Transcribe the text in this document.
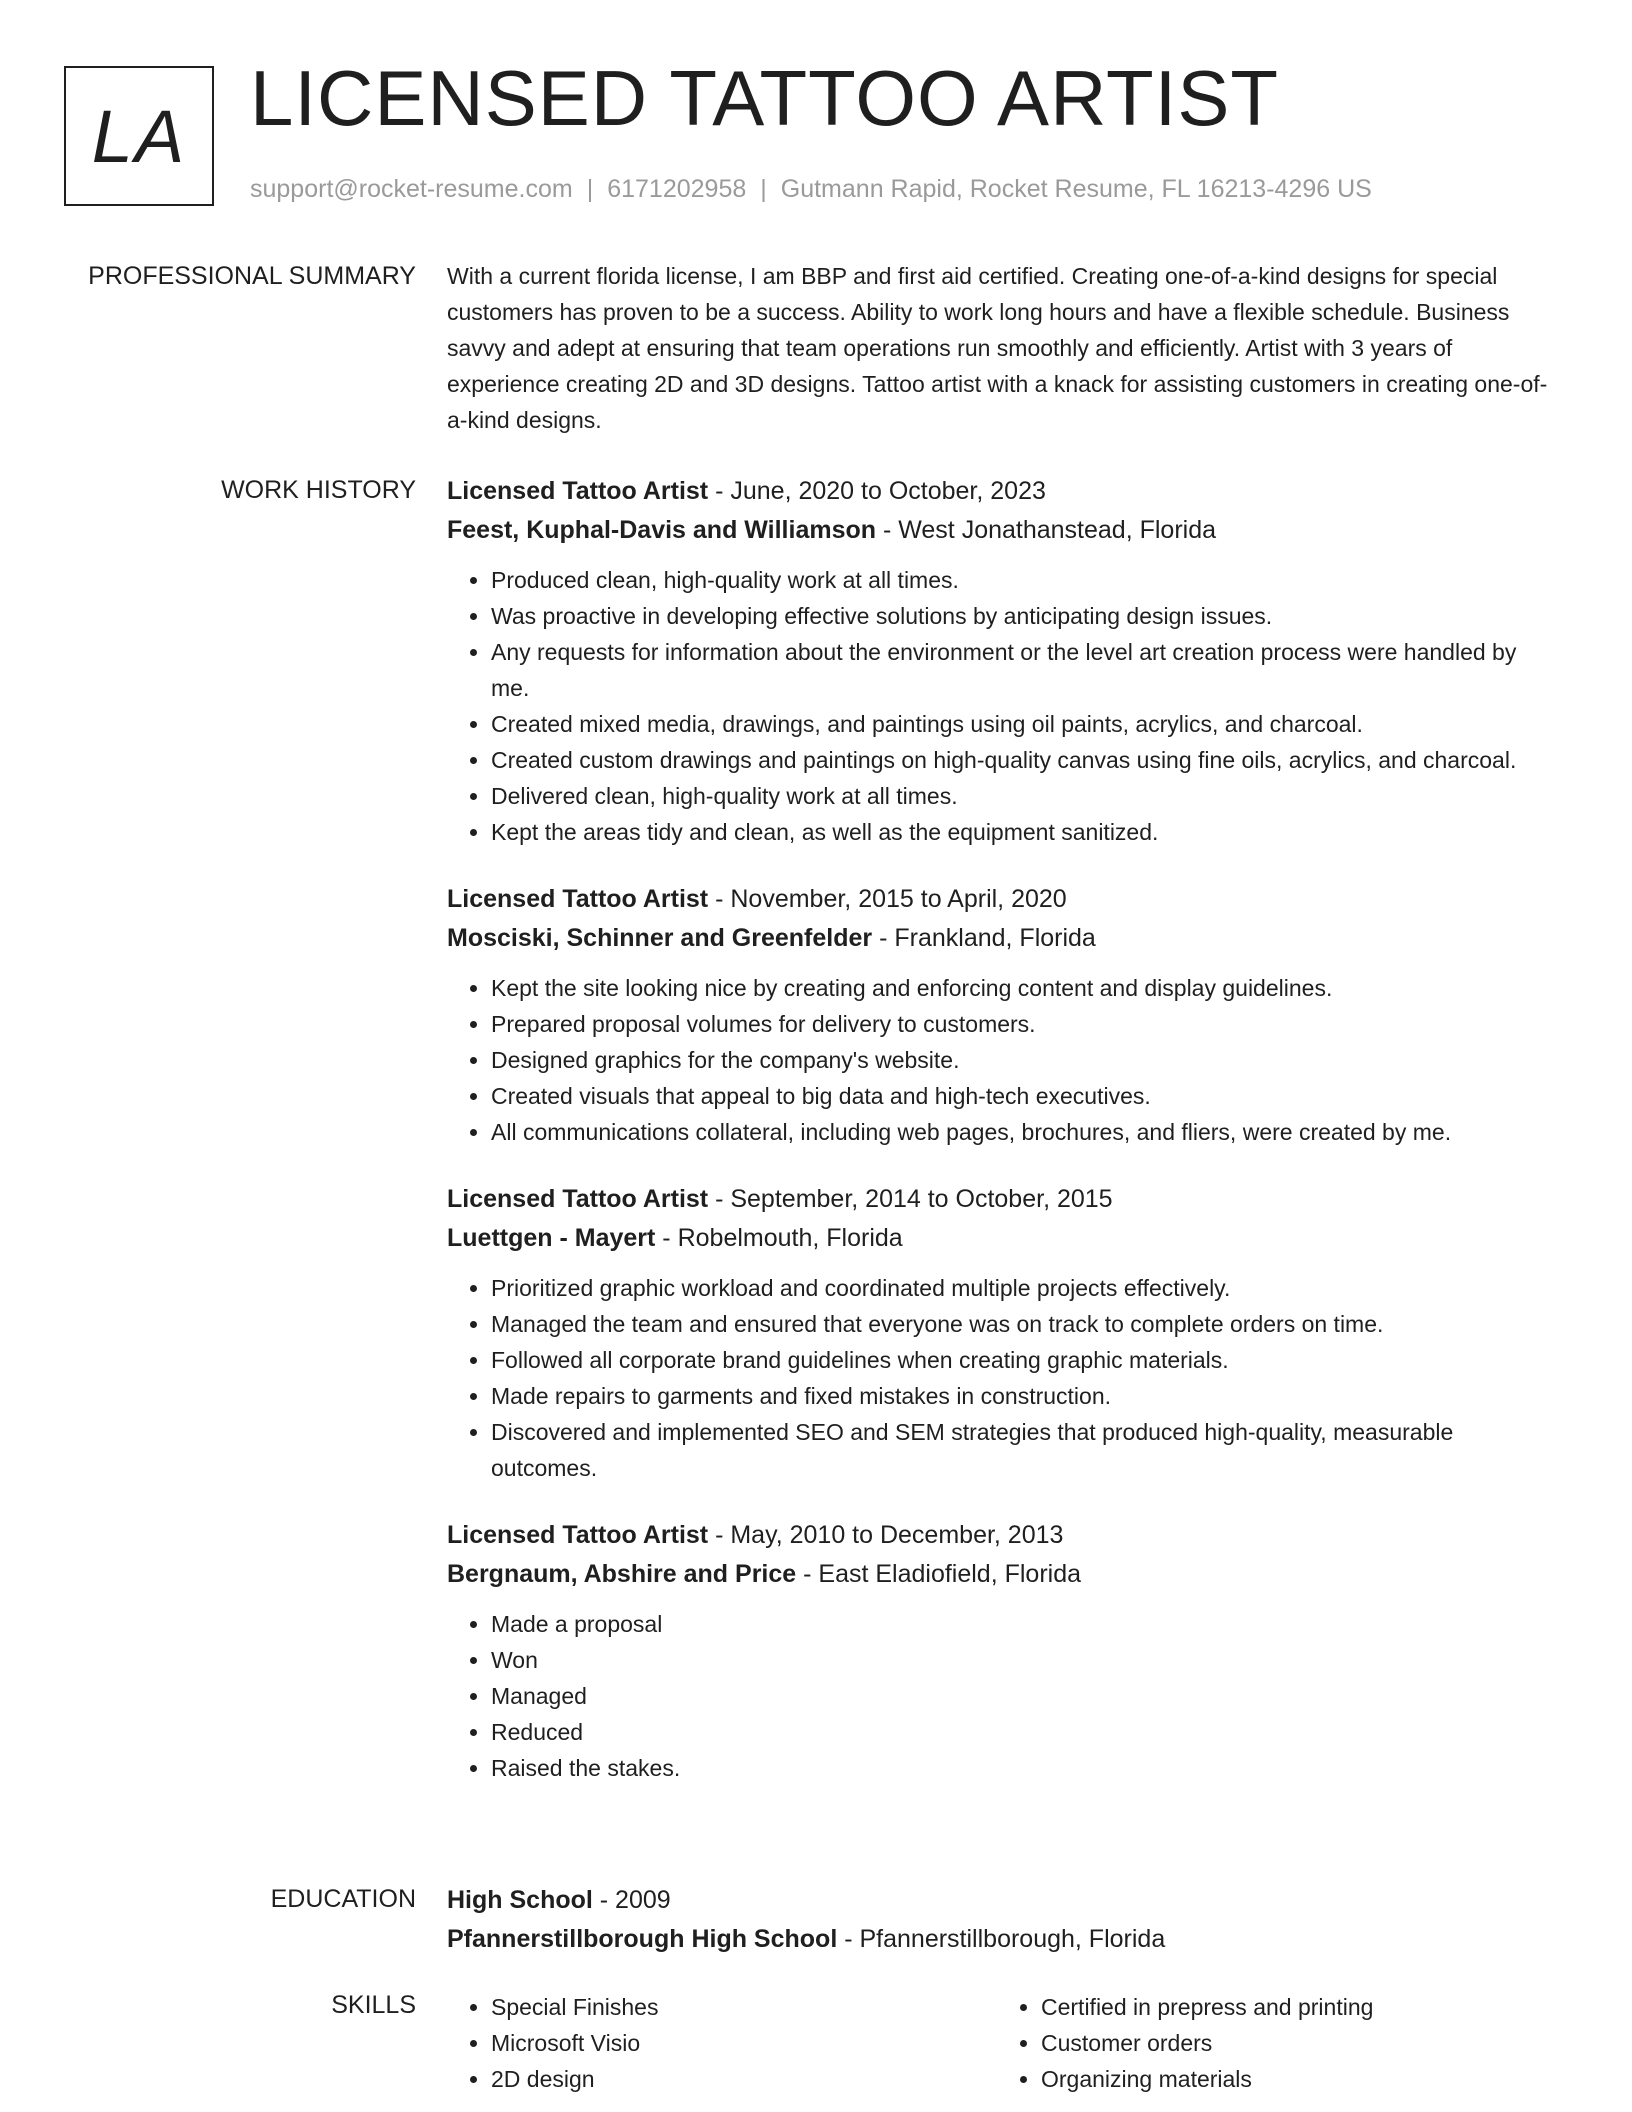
LA LICENSED TATTOO ARTIST
support@rocket-resume.com | 6171202958 | Gutmann Rapid, Rocket Resume, FL 16213-4296 US
PROFESSIONAL SUMMARY With a current florida license, I am BBP and first aid certified. Creating one-of-a-kind designs for special customers has proven to be a success. Ability to work long hours and have a flexible schedule. Business savvy and adept at ensuring that team operations run smoothly and efficiently. Artist with 3 years of experience creating 2D and 3D designs. Tattoo artist with a knack for assisting customers in creating one-of-a-kind designs.

WORK HISTORY Licensed Tattoo Artist - June, 2020 to October, 2023
Feest, Kuphal-Davis and Williamson - West Jonathanstead, Florida
• Produced clean, high-quality work at all times.
• Was proactive in developing effective solutions by anticipating design issues.
• Any requests for information about the environment or the level art creation process were handled by me.
• Created mixed media, drawings, and paintings using oil paints, acrylics, and charcoal.
• Created custom drawings and paintings on high-quality canvas using fine oils, acrylics, and charcoal.
• Delivered clean, high-quality work at all times.
• Kept the areas tidy and clean, as well as the equipment sanitized.
Licensed Tattoo Artist - November, 2015 to April, 2020
Mosciski, Schinner and Greenfelder - Frankland, Florida
• Kept the site looking nice by creating and enforcing content and display guidelines.
• Prepared proposal volumes for delivery to customers.
• Designed graphics for the company's website.
• Created visuals that appeal to big data and high-tech executives.
• All communications collateral, including web pages, brochures, and fliers, were created by me.
Licensed Tattoo Artist - September, 2014 to October, 2015
Luettgen - Mayert - Robelmouth, Florida
• Prioritized graphic workload and coordinated multiple projects effectively.
• Managed the team and ensured that everyone was on track to complete orders on time.
• Followed all corporate brand guidelines when creating graphic materials.
• Made repairs to garments and fixed mistakes in construction.
• Discovered and implemented SEO and SEM strategies that produced high-quality, measurable outcomes.
Licensed Tattoo Artist - May, 2010 to December, 2013
Bergnaum, Abshire and Price - East Eladiofield, Florida
• Made a proposal
• Won
• Managed
• Reduced
• Raised the stakes.
EDUCATION High School - 2009
Pfannerstillborough High School - Pfannerstillborough, Florida
SKILLS
•	Special Finishes
• Microsoft Visio
• 2D design
• Certified in prepress and printing
• Customer orders
• Organizing materials
